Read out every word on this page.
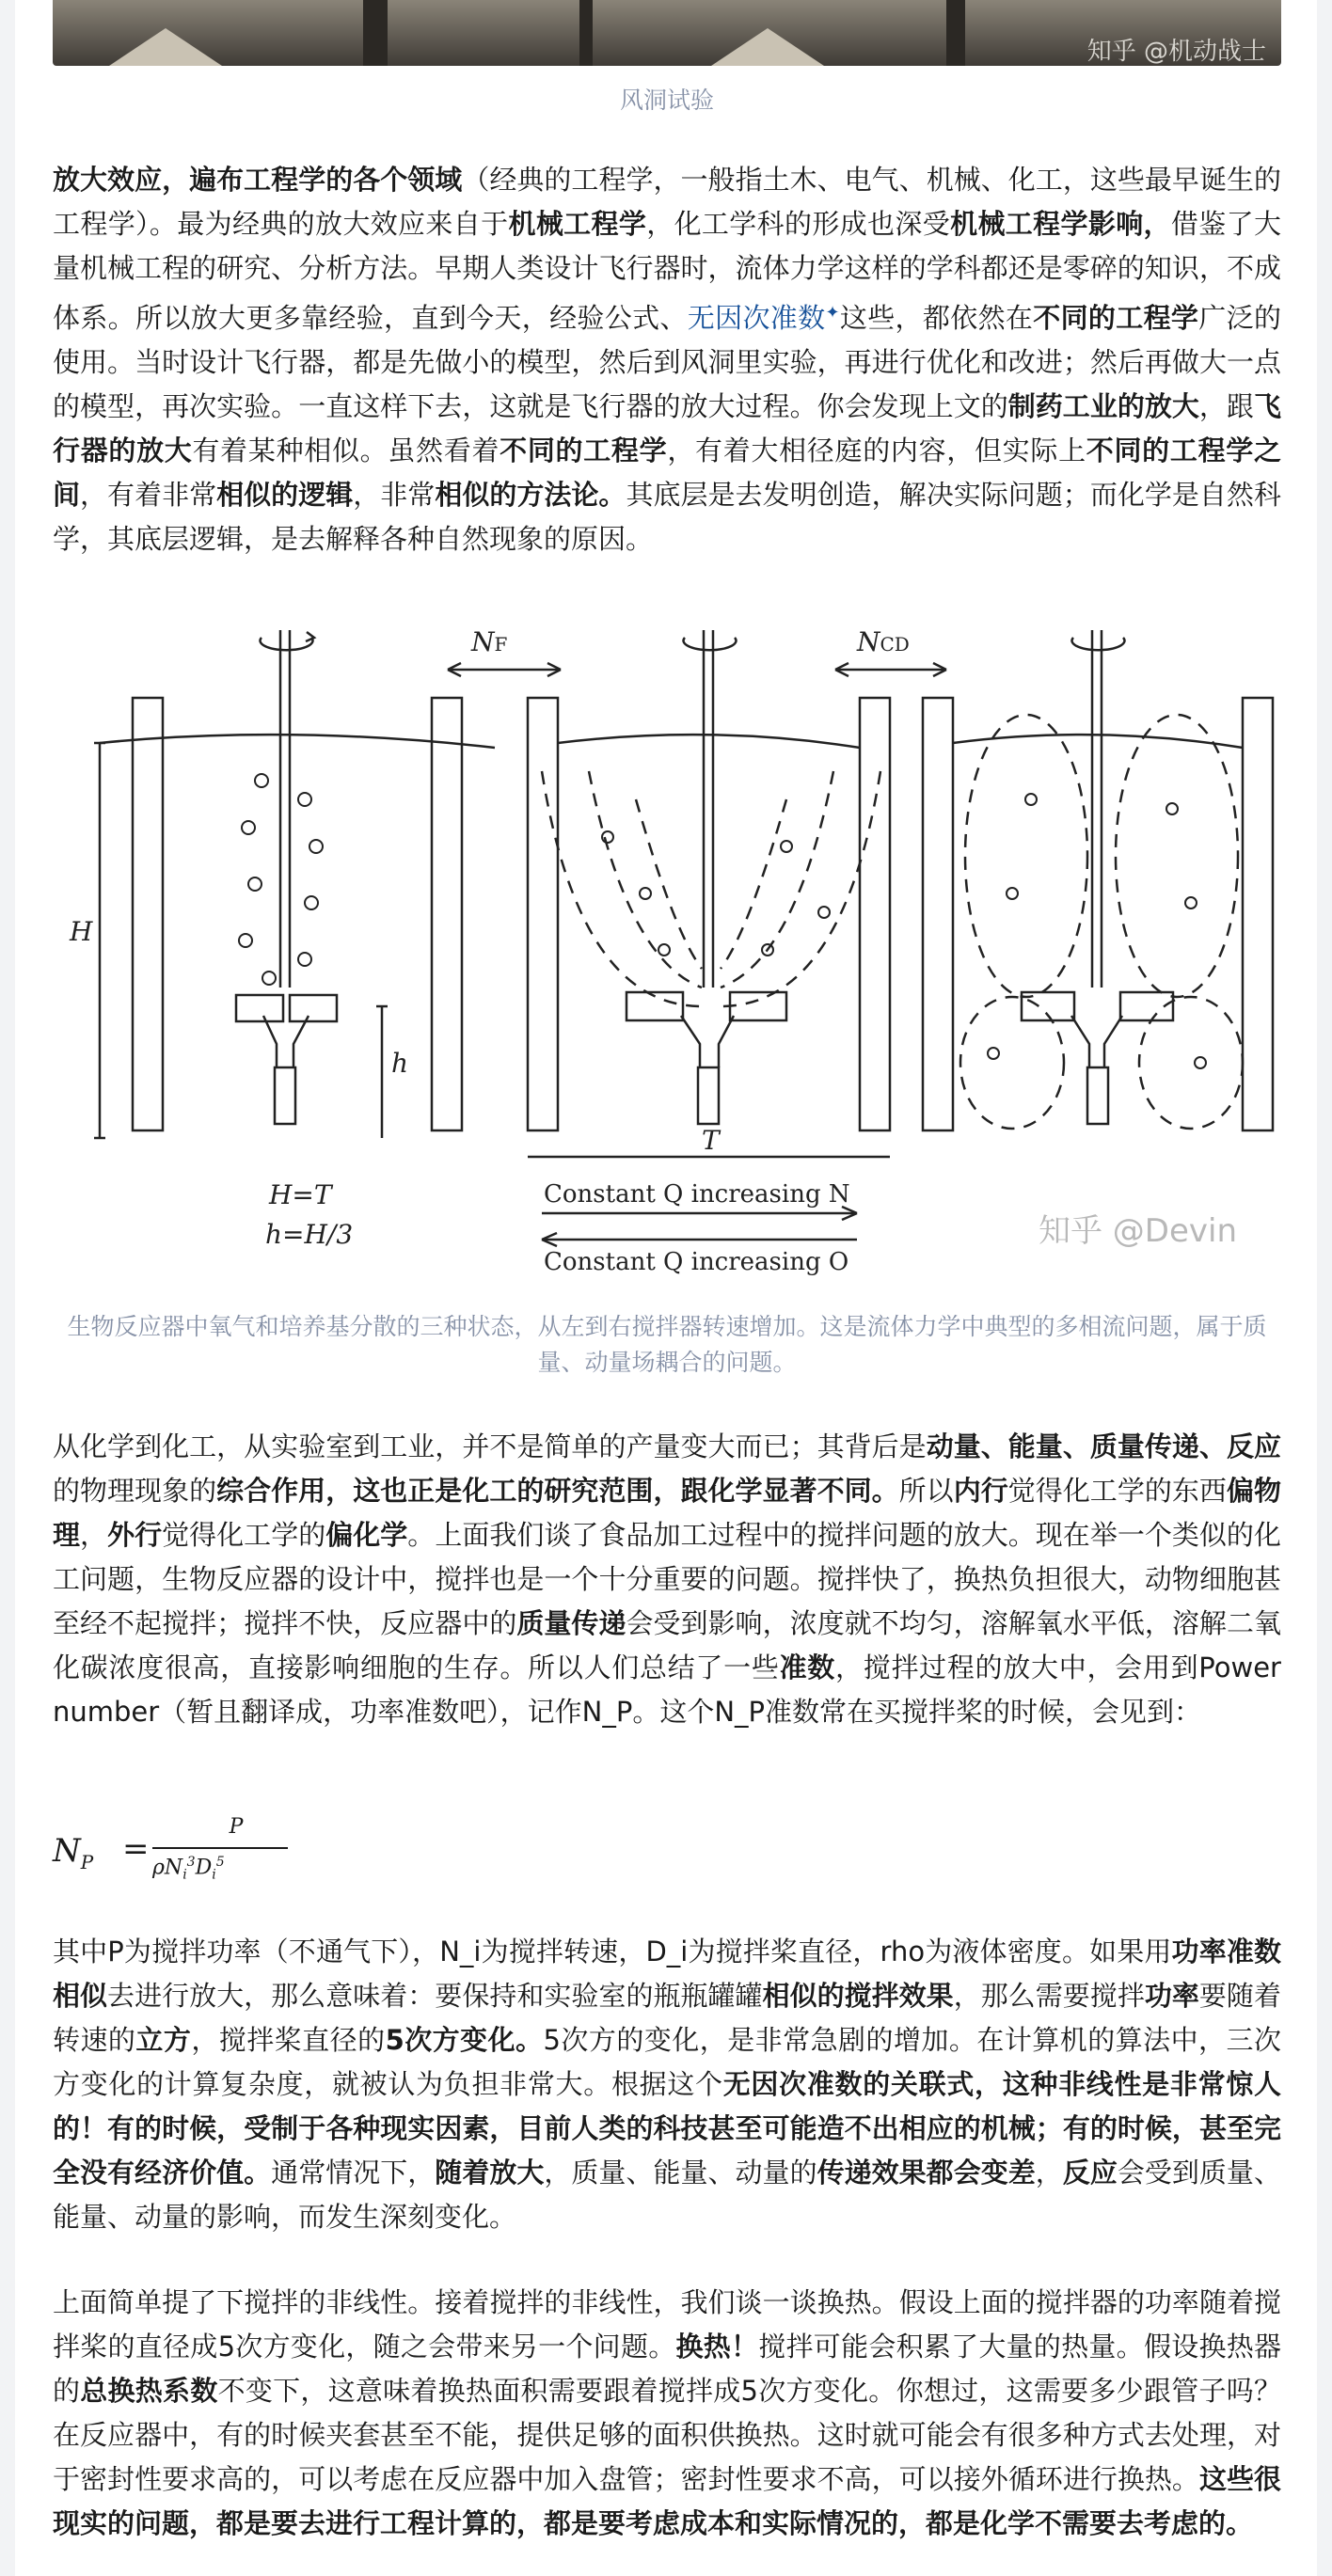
知乎 @机动战士
风洞试验

放大效应，遍布工程学的各个领域（经典的工程学，一般指土木、电气、机械、化工，这些最早诞生的工程学）。最为经典的放大效应来自于机械工程学，化工学科的形成也深受机械工程学影响，借鉴了大量机械工程的研究、分析方法。早期人类设计飞行器时，流体力学这样的学科都还是零碎的知识，不成体系。所以放大更多靠经验，直到今天，经验公式、无因次准数✦这些，都依然在不同的工程学广泛的使用。当时设计飞行器，都是先做小的模型，然后到风洞里实验，再进行优化和改进；然后再做大一点的模型，再次实验。一直这样下去，这就是飞行器的放大过程。你会发现上文的制药工业的放大，跟飞行器的放大有着某种相似。虽然看着不同的工程学，有着大相径庭的内容，但实际上不同的工程学之间，有着非常相似的逻辑，非常相似的方法论。其底层是去发明创造，解决实际问题；而化学是自然科学，其底层逻辑，是去解释各种自然现象的原因。

NF	NCD
H
h
T
H=T
h=H/3
Constant Q increasing N
Constant Q increasing O
知乎 @Devin
生物反应器中氧气和培养基分散的三种状态，从左到右搅拌器转速增加。这是流体力学中典型的多相流问题，属于质量、动量场耦合的问题。

从化学到化工，从实验室到工业，并不是简单的产量变大而已；其背后是动量、能量、质量传递、反应的物理现象的综合作用，这也正是化工的研究范围，跟化学显著不同。所以内行觉得化工学的东西偏物理，外行觉得化工学的偏化学。上面我们谈了食品加工过程中的搅拌问题的放大。现在举一个类似的化工问题，生物反应器的设计中，搅拌也是一个十分重要的问题。搅拌快了，换热负担很大，动物细胞甚至经不起搅拌；搅拌不快，反应器中的质量传递会受到影响，浓度就不均匀，溶解氧水平低，溶解二氧化碳浓度很高，直接影响细胞的生存。所以人们总结了一些准数，搅拌过程的放大中，会用到Power number（暂且翻译成，功率准数吧），记作N_P。这个N_P准数常在买搅拌桨的时候，会见到：

$N_P$ =
P
$\rho N_i^3D_i^5$

其中P为搅拌功率（不通气下），N_i为搅拌转速，D_i为搅拌桨直径，rho为液体密度。如果用功率准数相似去进行放大，那么意味着：要保持和实验室的瓶瓶罐罐相似的搅拌效果，那么需要搅拌功率要随着转速的立方，搅拌桨直径的5次方变化。5次方的变化，是非常急剧的增加。在计算机的算法中，三次方变化的计算复杂度，就被认为负担非常大。根据这个无因次准数的关联式，这种非线性是非常惊人的！有的时候，受制于各种现实因素，目前人类的科技甚至可能造不出相应的机械；有的时候，甚至完全没有经济价值。通常情况下，随着放大，质量、能量、动量的传递效果都会变差，反应会受到质量、能量、动量的影响，而发生深刻变化。

上面简单提了下搅拌的非线性。接着搅拌的非线性，我们谈一谈换热。假设上面的搅拌器的功率随着搅拌桨的直径成5次方变化，随之会带来另一个问题。换热！搅拌可能会积累了大量的热量。假设换热器的总换热系数不变下，这意味着换热面积需要跟着搅拌成5次方变化。你想过，这需要多少跟管子吗？在反应器中，有的时候夹套甚至不能，提供足够的面积供换热。这时就可能会有很多种方式去处理，对于密封性要求高的，可以考虑在反应器中加入盘管；密封性要求不高，可以接外循环进行换热。这些很现实的问题，都是要去进行工程计算的，都是要考虑成本和实际情况的，都是化学不需要去考虑的。
